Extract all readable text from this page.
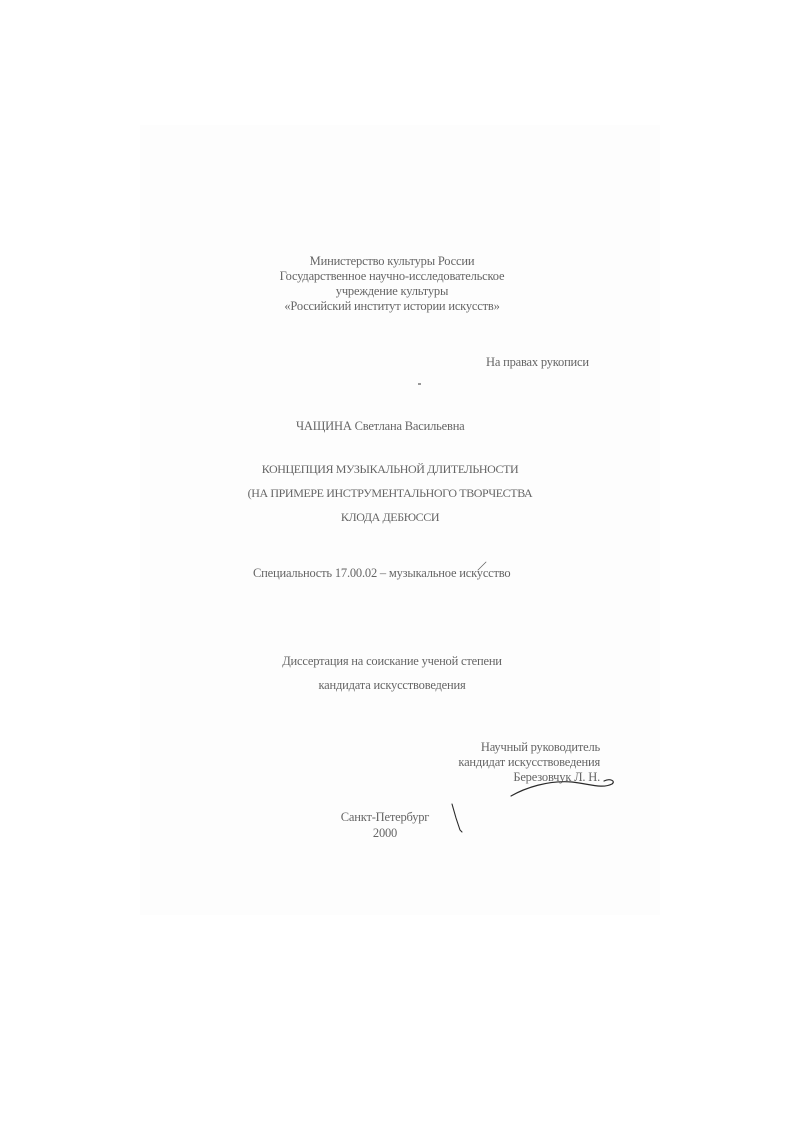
Министерство культуры России
Государственное научно-исследовательское
учреждение культуры
«Российский институт истории искусств»
На правах рукописи
ЧАЩИНА Светлана Васильевна
КОНЦЕПЦИЯ МУЗЫКАЛЬНОЙ ДЛИТЕЛЬНОСТИ
(НА ПРИМЕРЕ ИНСТРУМЕНТАЛЬНОГО ТВОРЧЕСТВА
КЛОДА ДЕБЮССИ
Специальность 17.00.02 – музыкальное искусство
Диссертация на соискание ученой степени
кандидата искусствоведения
Научный руководитель
кандидат искусствоведения
Березовчук Л. Н.
Санкт-Петербург
2000
